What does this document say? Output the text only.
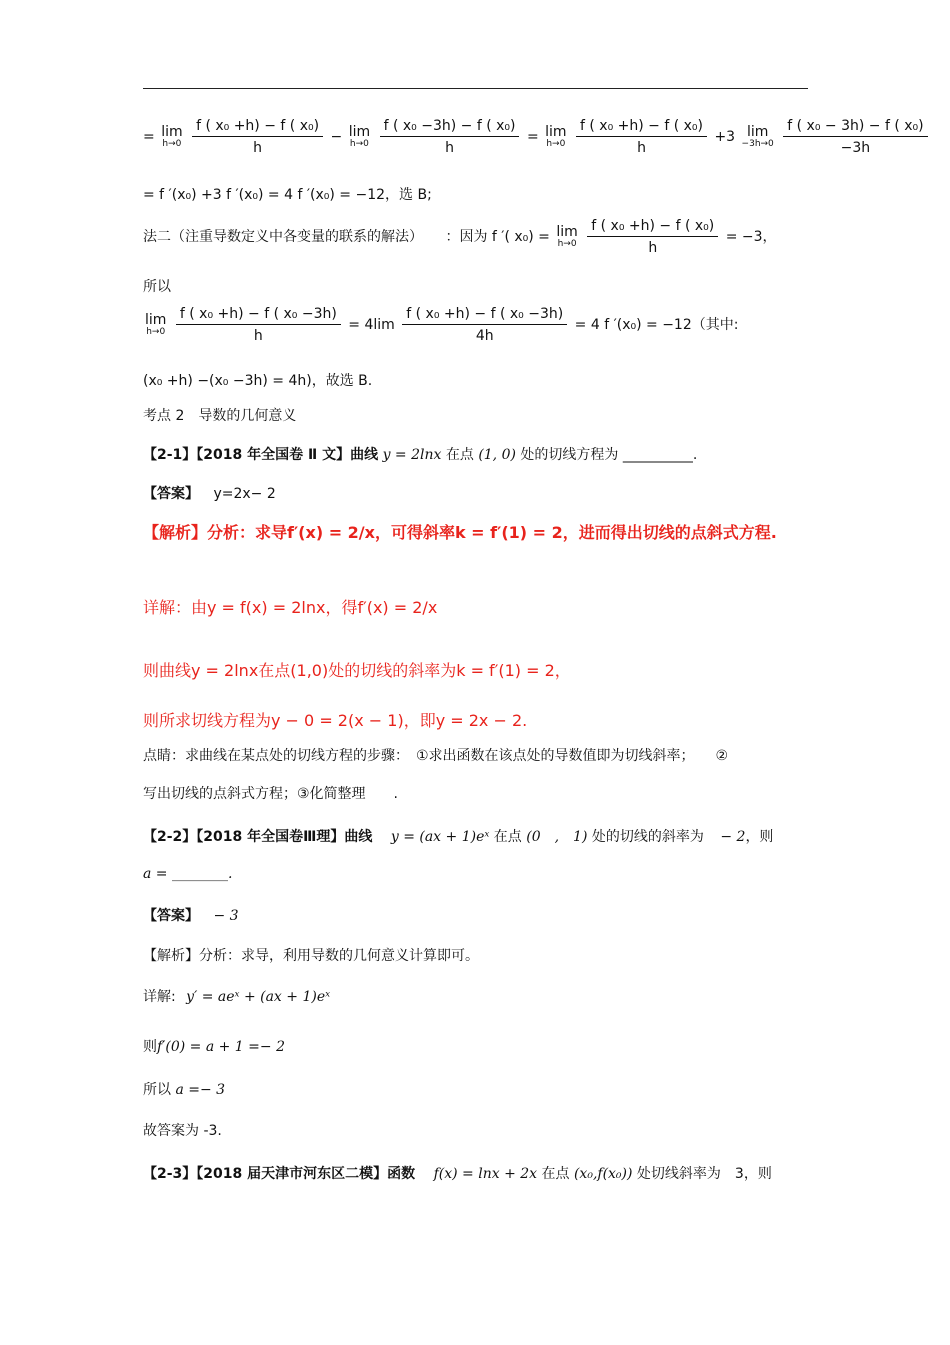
= lim
h→0
$\frac{\text{f ( x₀ +h) − f ( x₀)}}{h} - \lim$
h→0
$\frac{\text{f ( x₀ −3h) − f ( x₀)}}{h} = \lim$
h→0
$\frac{\text{f ( x₀ +h) − f ( x₀)}}{h} +3$ lim
−3h→0
$\frac{\text{f ( x₀ − 3h) − f ( x₀)}}{-3h}$
= f ′(x₀) +3 f ′(x₀) = 4 f ′(x₀) = −12，选 B;
法二（注重导数定义中各变量的联系的解法） ：因为 f ′( x₀) = lim
h→0
$\frac{\text{f ( x₀ +h) − f ( x₀)}}{h} = -3$，
所以
lim
h→0
$\frac{\text{f ( x₀ +h) − f ( x₀ −3h)}}{h} = 4\lim \frac{\text{f ( x₀ +h) − f ( x₀ −3h)}}{4h} = 4$ f ′(x₀) = −12（其中:
(x₀ +h) −(x₀ −3h) = 4h)，故选 B.
考点 2　导数的几何意义
【2-1】【2018 年全国卷 Ⅱ 文】曲线 y = 2lnx 在点 (1, 0) 处的切线方程为 __________.
【答案】 y=2x− 2
【解析】分析：求导f′(x) = 2/x，可得斜率k = f′(1) = 2，进而得出切线的点斜式方程.
详解：由y = f(x) = 2lnx，得f′(x) = 2/x
则曲线y = 2lnx在点(1,0)处的切线的斜率为k = f′(1) = 2，
则所求切线方程为y − 0 = 2(x − 1)，即y = 2x − 2.
点睛：求曲线在某点处的切线方程的步骤：　①求出函数在该点处的导数值即为切线斜率；　　②
写出切线的点斜式方程；③化简整理　　.
【2-2】【2018 年全国卷Ⅲ理】曲线 y = (ax + 1)eˣ 在点 (0　,　1) 处的切线的斜率为 − 2，则
a = ________.
【答案】 − 3
【解析】分析：求导，利用导数的几何意义计算即可。
详解: y′ = aeˣ + (ax + 1)eˣ
则f′(0) = a + 1 =− 2
所以 a =− 3
故答案为 -3.
【2-3】【2018 届天津市河东区二模】函数 f(x) = lnx + 2x 在点 (x₀,f(x₀)) 处切线斜率为　3，则
